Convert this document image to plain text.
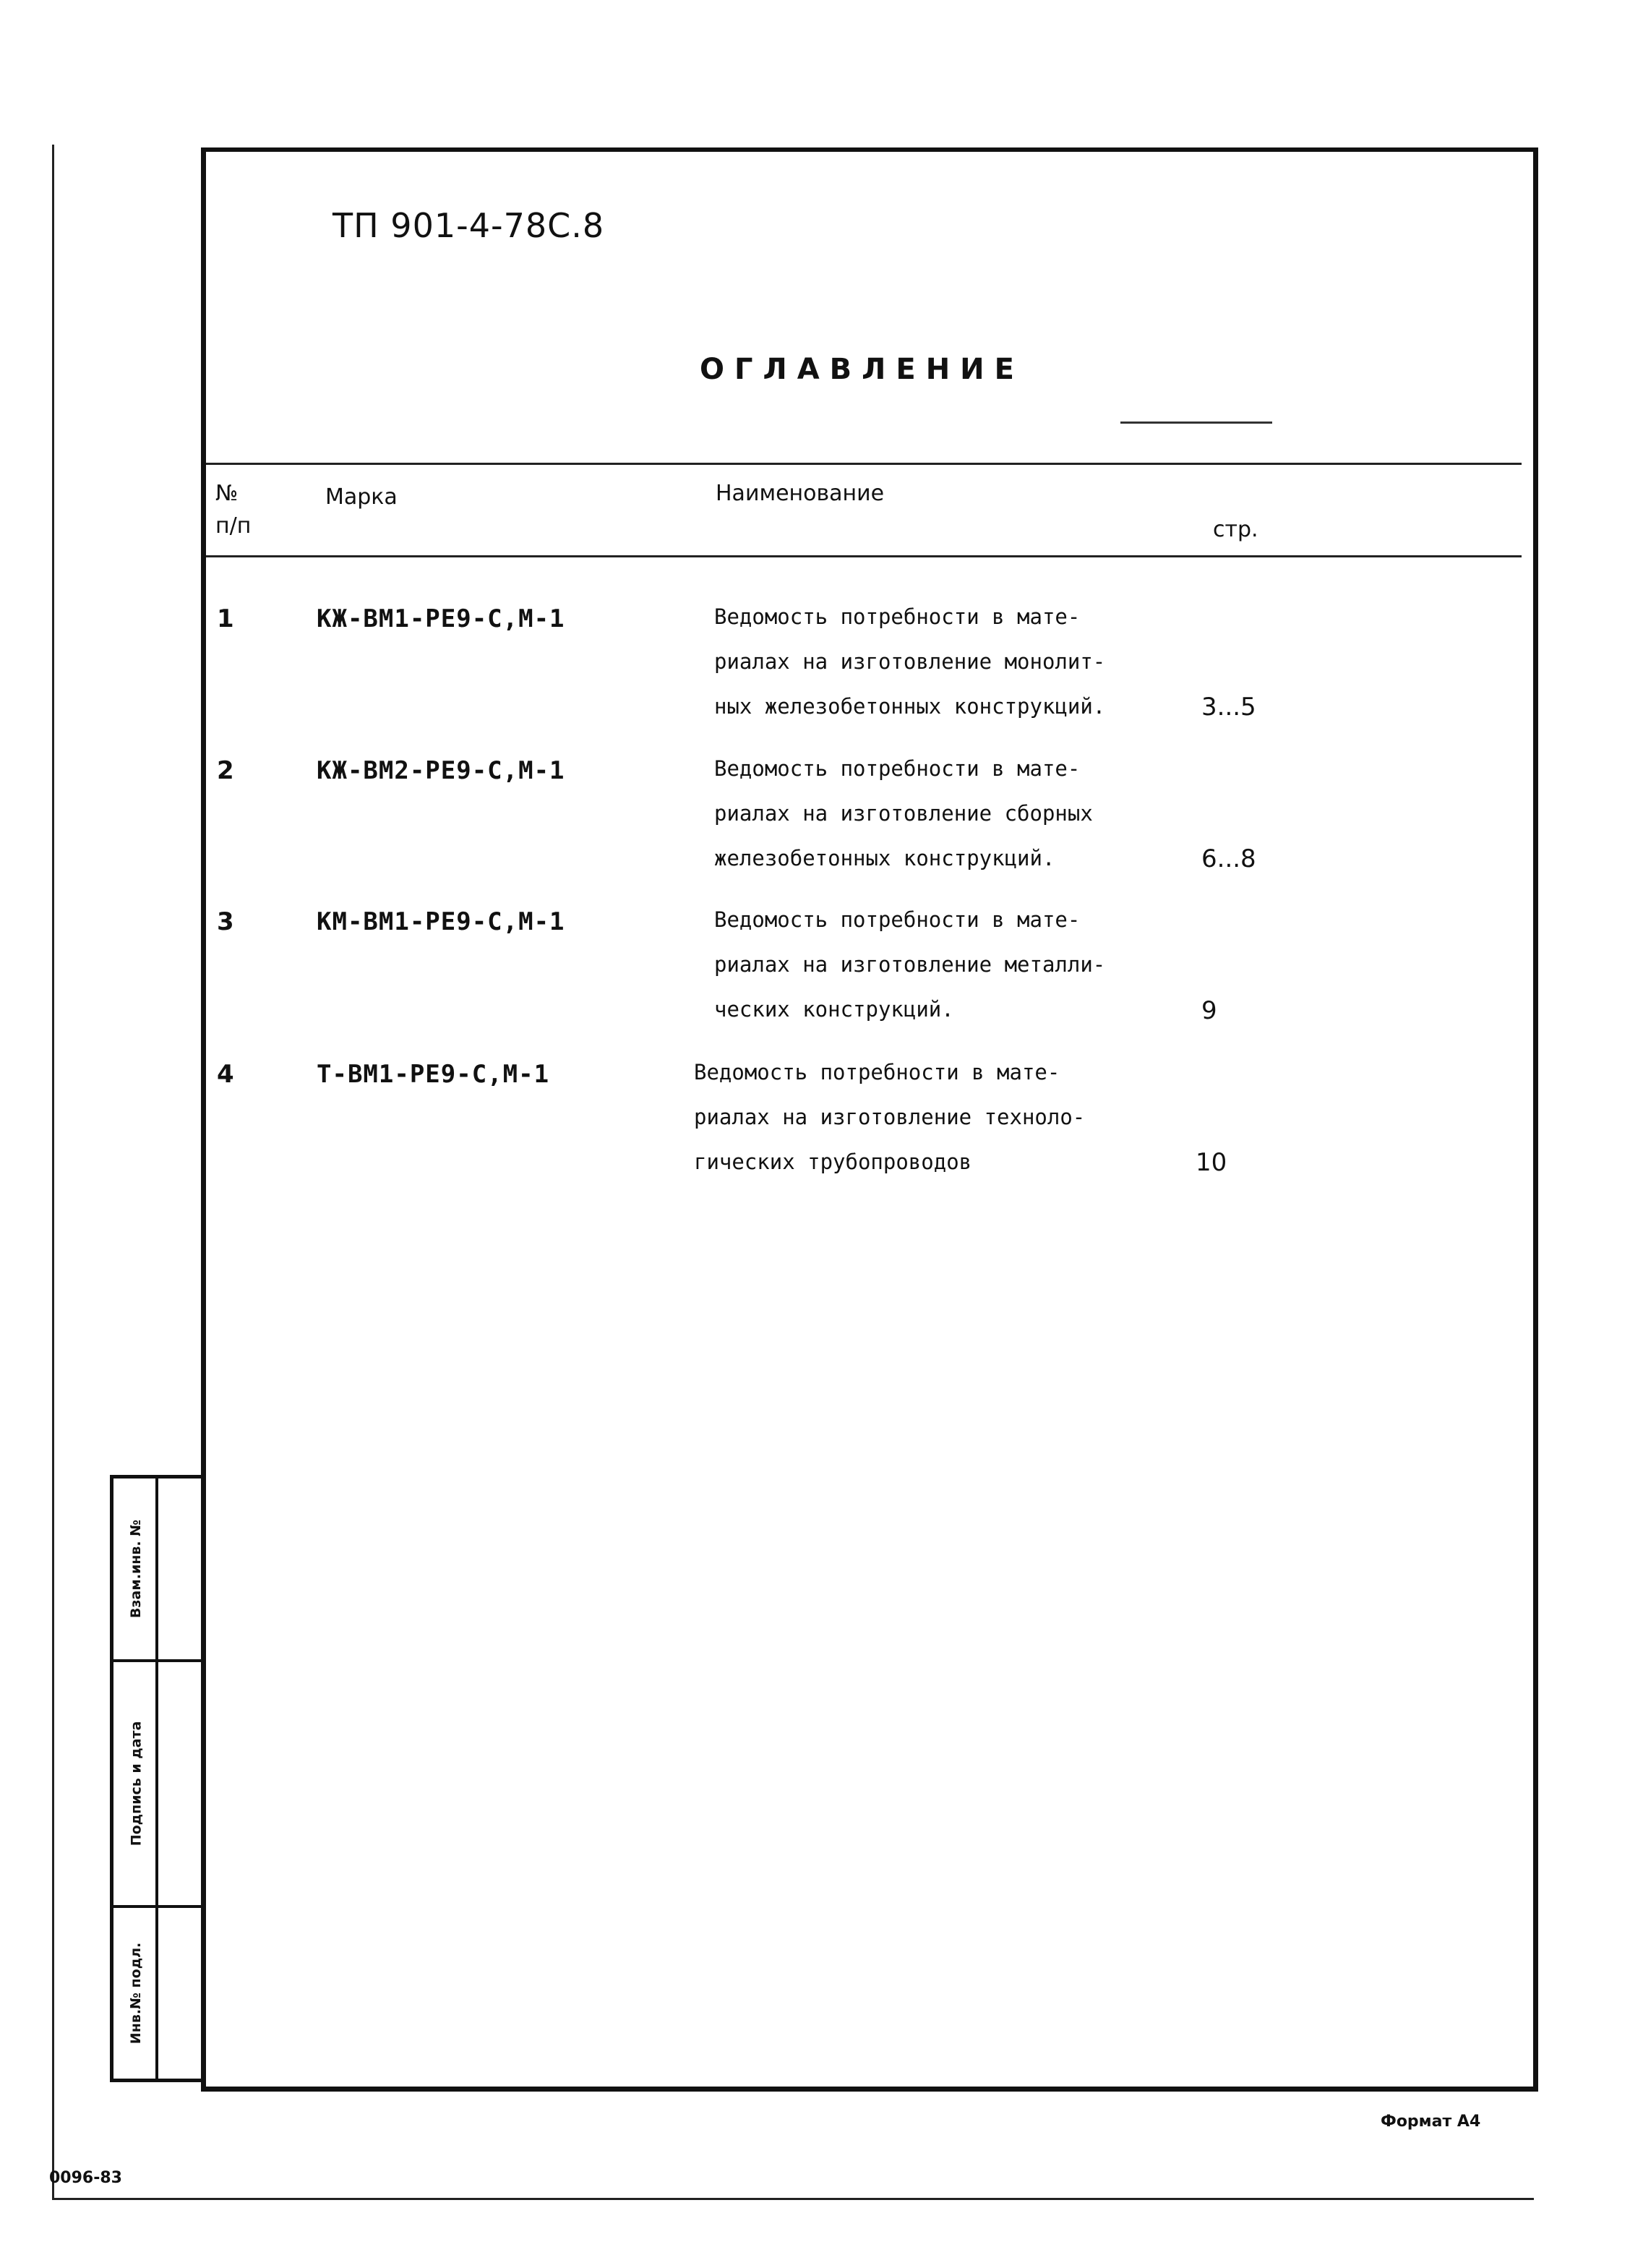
ТП 901-4-78С.8
ОГЛАВЛЕНИЕ
№
п/п
Марка	Наименование
стр.
1	КЖ-ВМ1-РЕ9-С,М-1	Ведомость потребности в мате-
риалах на изготовление монолит-
ных железобетонных конструкций.	3...5
2	КЖ-ВМ2-РЕ9-С,М-1	Ведомость потребности в мате-
риалах на изготовление сборных
железобетонных конструкций.	6...8
3	КМ-ВМ1-РЕ9-С,М-1	Ведомость потребности в мате-
риалах на изготовление металли-
ческих конструкций.	9
4	Т-ВМ1-РЕ9-С,М-1	Ведомость потребности в мате-
риалах на изготовление техноло-
гических трубопроводов	10
Взам.инв. №
Подпись и дата
Инв.№ подл.
Формат А4
0096-83
